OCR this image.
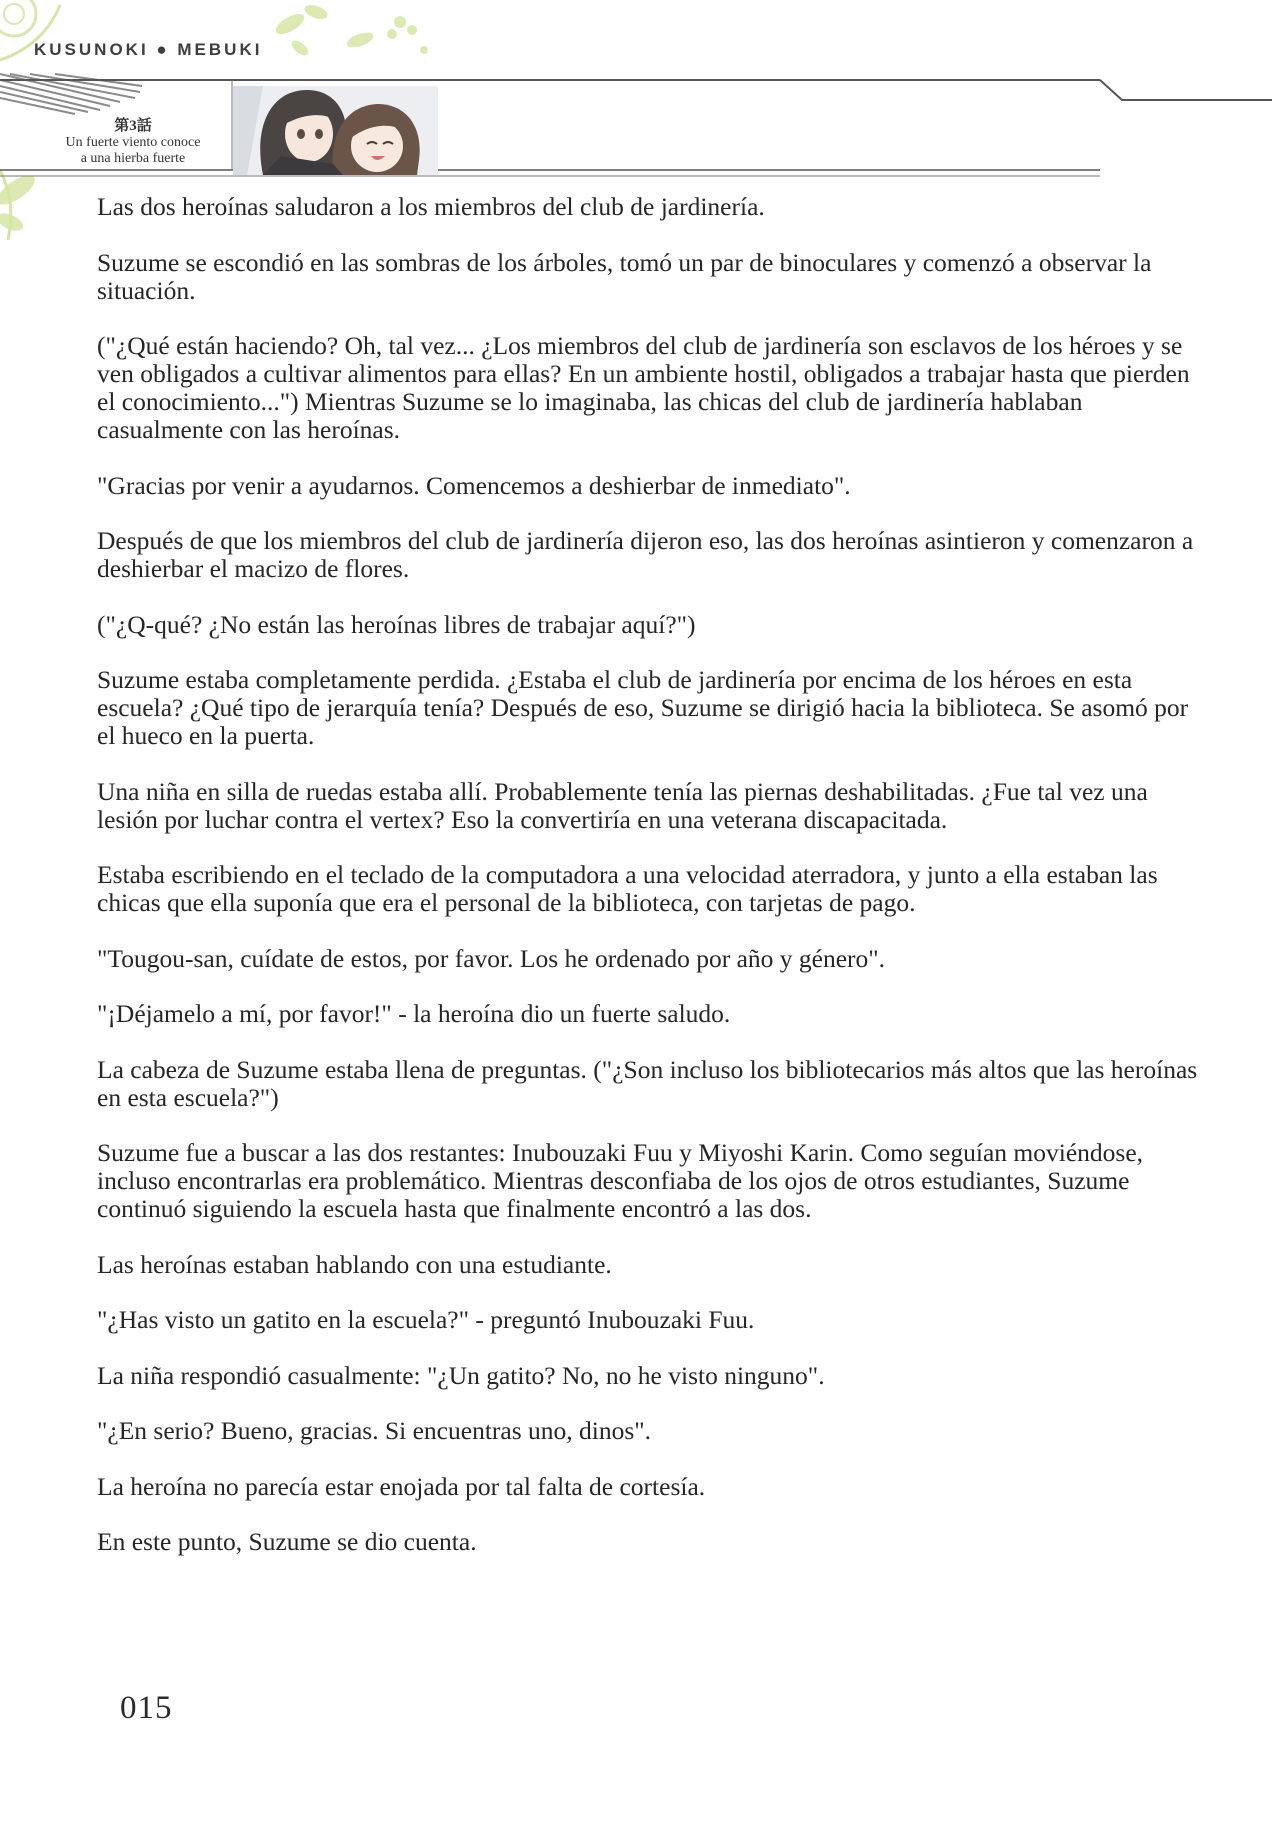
KUSUNOKI ● MEBUKI
第3話
Un fuerte viento conoce
a una hierba fuerte

Las dos heroínas saludaron a los miembros del club de jardinería.

Suzume se escondió en las sombras de los árboles, tomó un par de binoculares y comenzó a observar la situación.

("¿Qué están haciendo? Oh, tal vez... ¿Los miembros del club de jardinería son esclavos de los héroes y se ven obligados a cultivar alimentos para ellas? En un ambiente hostil, obligados a trabajar hasta que pierden el conocimiento...") Mientras Suzume se lo imaginaba, las chicas del club de jardinería hablaban casualmente con las heroínas.

"Gracias por venir a ayudarnos. Comencemos a deshierbar de inmediato".

Después de que los miembros del club de jardinería dijeron eso, las dos heroínas asintieron y comenzaron a deshierbar el macizo de flores.

("¿Q-qué? ¿No están las heroínas libres de trabajar aquí?")

Suzume estaba completamente perdida. ¿Estaba el club de jardinería por encima de los héroes en esta escuela? ¿Qué tipo de jerarquía tenía? Después de eso, Suzume se dirigió hacia la biblioteca. Se asomó por el hueco en la puerta.

Una niña en silla de ruedas estaba allí. Probablemente tenía las piernas deshabilitadas. ¿Fue tal vez una lesión por luchar contra el vertex? Eso la convertiría en una veterana discapacitada.

Estaba escribiendo en el teclado de la computadora a una velocidad aterradora, y junto a ella estaban las chicas que ella suponía que era el personal de la biblioteca, con tarjetas de pago.

"Tougou-san, cuídate de estos, por favor. Los he ordenado por año y género".

"¡Déjamelo a mí, por favor!" - la heroína dio un fuerte saludo.

La cabeza de Suzume estaba llena de preguntas. ("¿Son incluso los bibliotecarios más altos que las heroínas en esta escuela?")

Suzume fue a buscar a las dos restantes: Inubouzaki Fuu y Miyoshi Karin. Como seguían moviéndose, incluso encontrarlas era problemático. Mientras desconfiaba de los ojos de otros estudiantes, Suzume continuó siguiendo la escuela hasta que finalmente encontró a las dos.

Las heroínas estaban hablando con una estudiante.

"¿Has visto un gatito en la escuela?" - preguntó Inubouzaki Fuu.

La niña respondió casualmente: "¿Un gatito? No, no he visto ninguno".

"¿En serio? Bueno, gracias. Si encuentras uno, dinos".

La heroína no parecía estar enojada por tal falta de cortesía.

En este punto, Suzume se dio cuenta.

015
